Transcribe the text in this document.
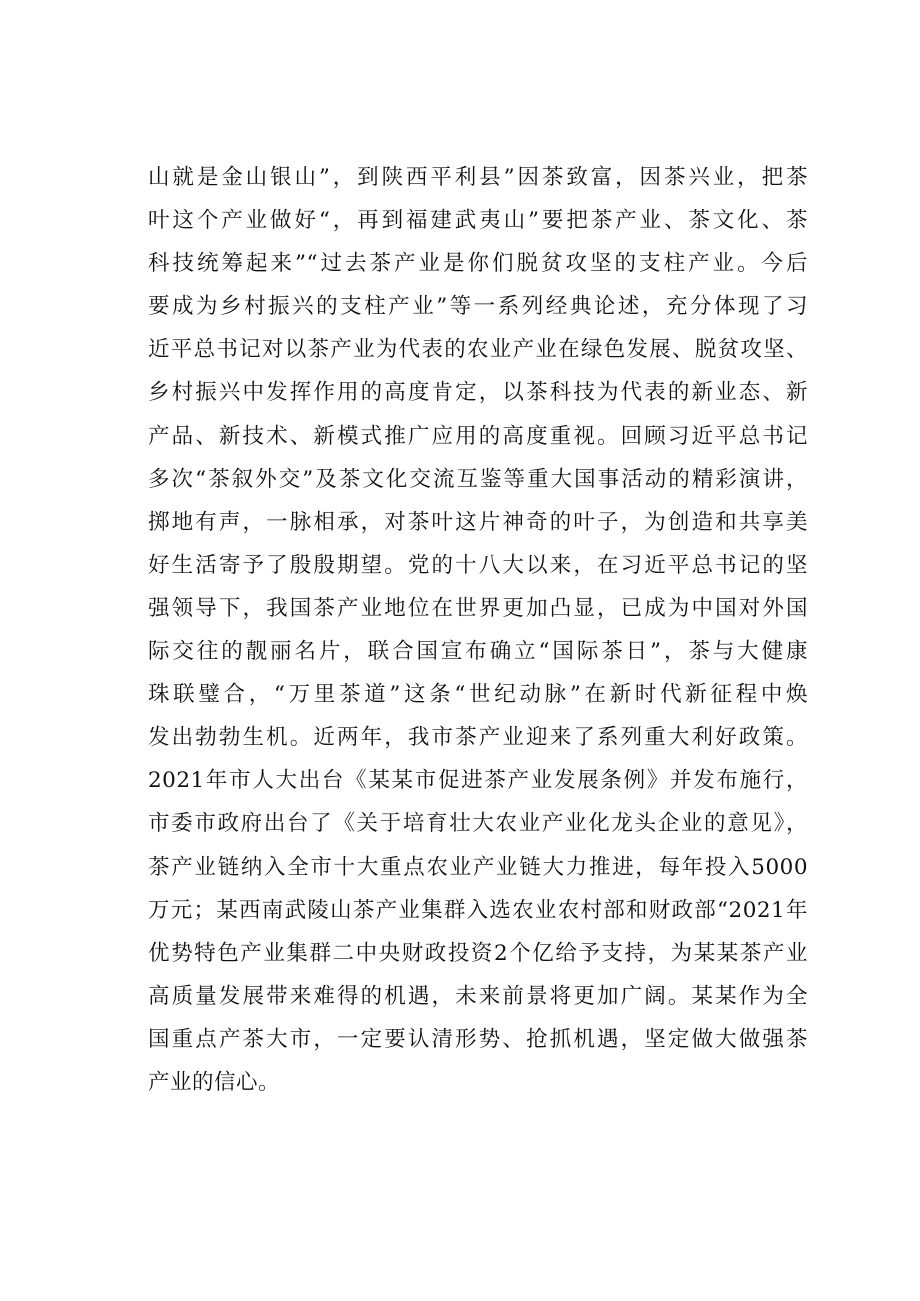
山就是金山银山”，到陕西平利县”因茶致富，因茶兴业，把茶
叶这个产业做好“，再到福建武夷山”要把茶产业、茶文化、茶
科技统筹起来”“过去茶产业是你们脱贫攻坚的支柱产业。今后
要成为乡村振兴的支柱产业”等一系列经典论述，充分体现了习
近平总书记对以茶产业为代表的农业产业在绿色发展、脱贫攻坚、
乡村振兴中发挥作用的高度肯定，以茶科技为代表的新业态、新
产品、新技术、新模式推广应用的高度重视。回顾习近平总书记
多次“茶叙外交”及茶文化交流互鉴等重大国事活动的精彩演讲，
掷地有声，一脉相承，对茶叶这片神奇的叶子，为创造和共享美
好生活寄予了殷殷期望。党的十八大以来，在习近平总书记的坚
强领导下，我国茶产业地位在世界更加凸显，已成为中国对外国
际交往的靓丽名片，联合国宣布确立“国际茶日”，茶与大健康
珠联璧合，“万里茶道”这条“世纪动脉”在新时代新征程中焕
发出勃勃生机。近两年，我市茶产业迎来了系列重大利好政策。
2021年市人大出台《某某市促进茶产业发展条例》并发布施行，
市委市政府出台了《关于培育壮大农业产业化龙头企业的意见》，
茶产业链纳入全市十大重点农业产业链大力推进，每年投入5000
万元；某西南武陵山茶产业集群入选农业农村部和财政部“2021年
优势特色产业集群二中央财政投资2个亿给予支持，为某某茶产业
高质量发展带来难得的机遇，未来前景将更加广阔。某某作为全
国重点产茶大市，一定要认清形势、抢抓机遇，坚定做大做强茶
产业的信心。
